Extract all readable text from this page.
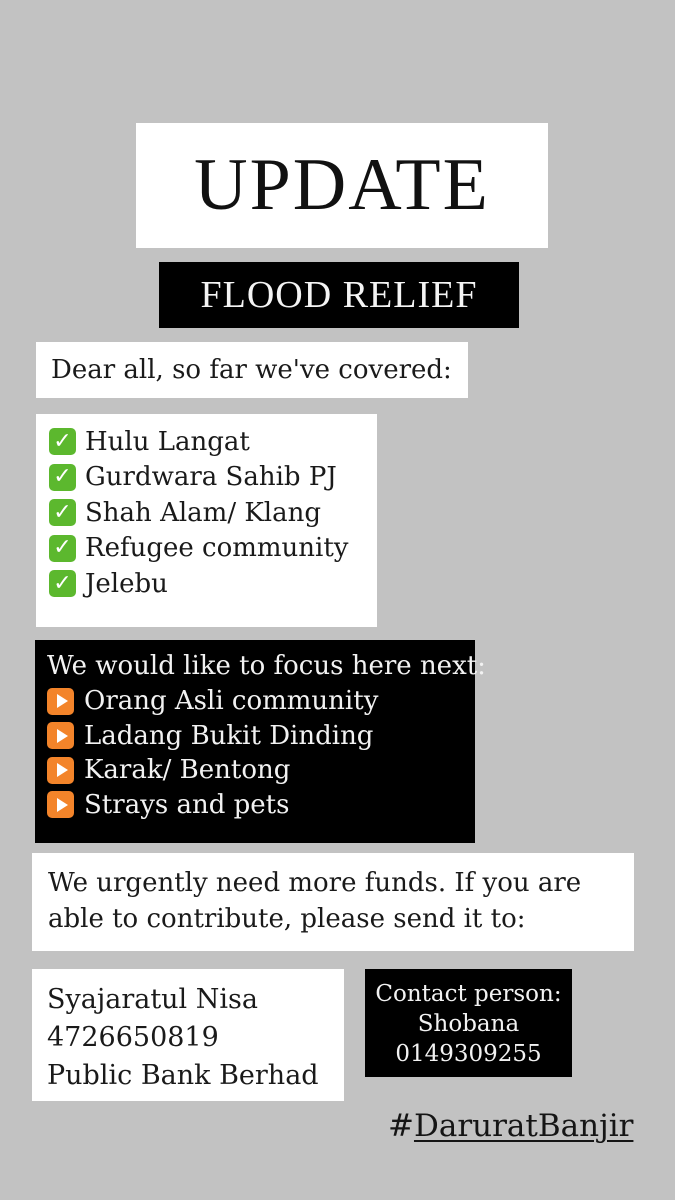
UPDATE
FLOOD RELIEF
Dear all, so far we've covered:
✓ Hulu Langat
✓ Gurdwara Sahib PJ
✓ Shah Alam/ Klang
✓ Refugee community
✓ Jelebu
We would like to focus here next:
Orang Asli community
Ladang Bukit Dinding
Karak/ Bentong
Strays and pets
We urgently need more funds. If you are
able to contribute, please send it to:
Syajaratul Nisa
4726650819
Public Bank Berhad
Contact person:
Shobana
0149309255
#DaruratBanjir
